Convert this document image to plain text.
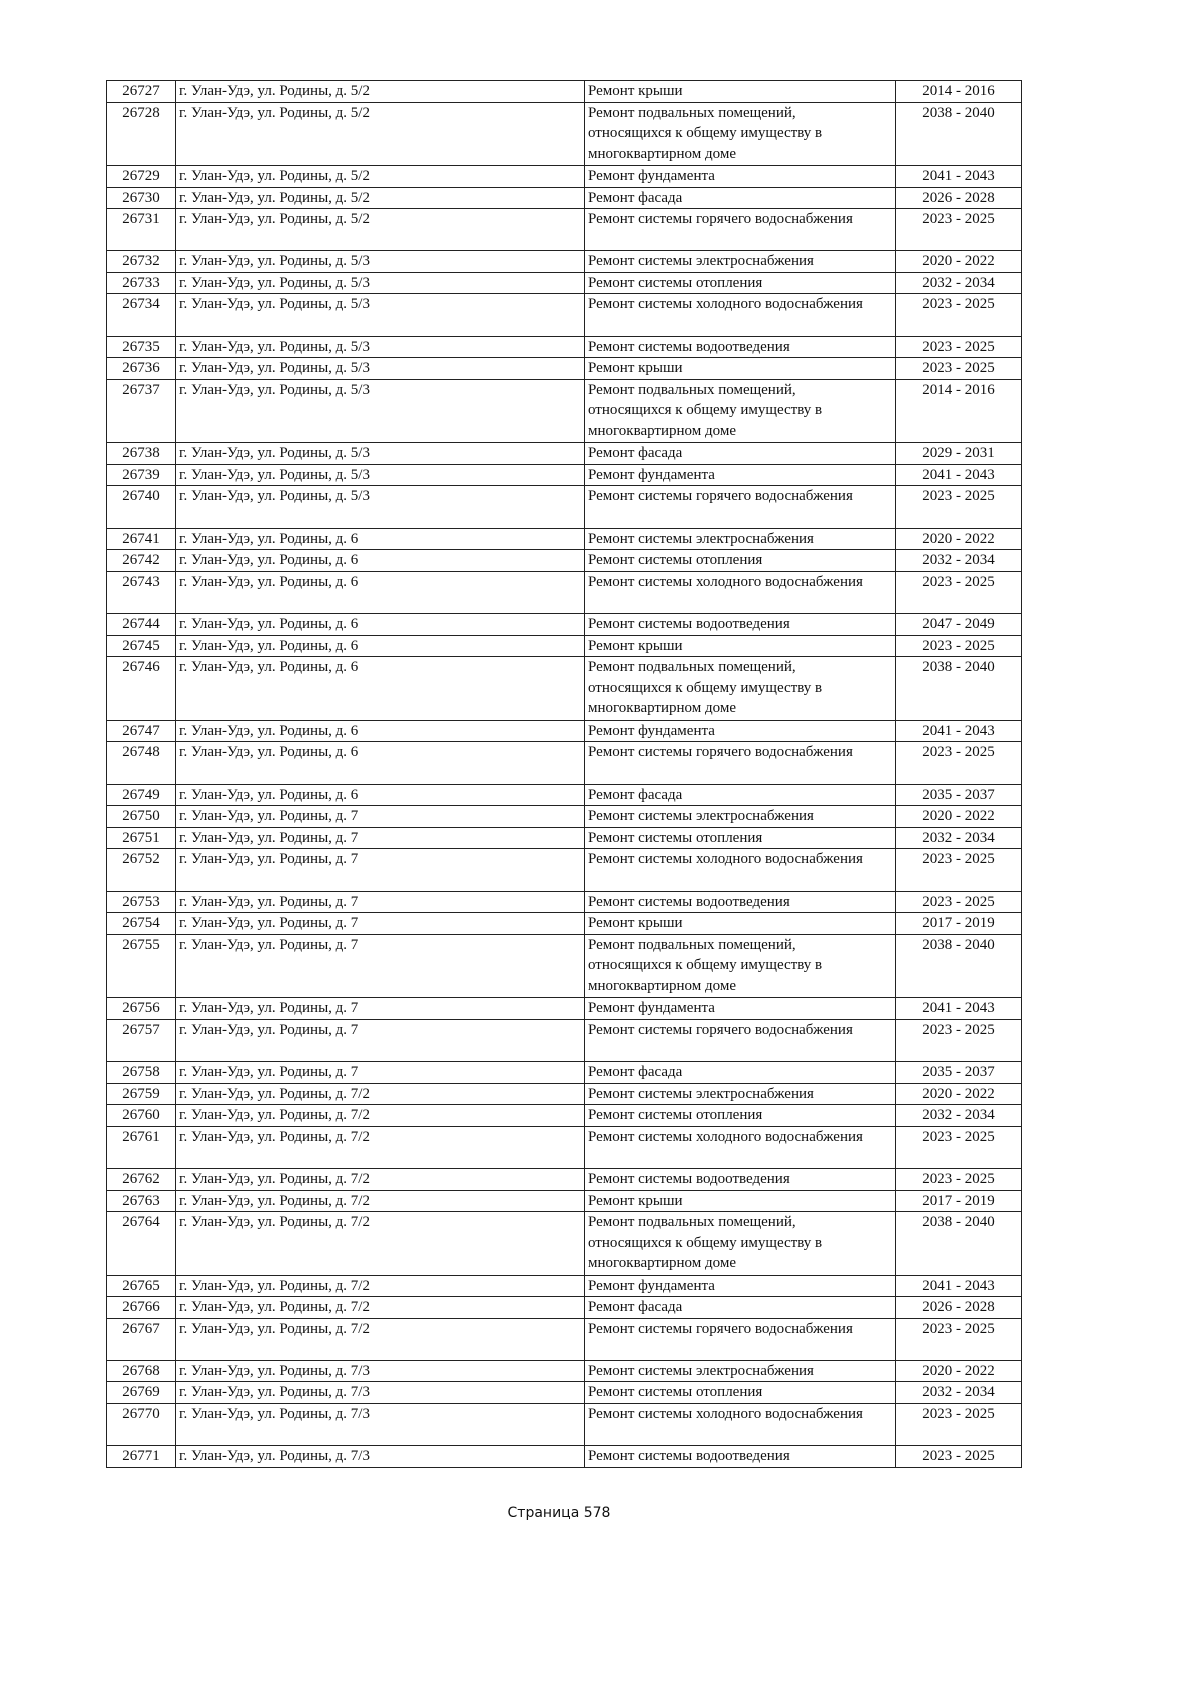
26727	г. Улан-Удэ, ул. Родины, д. 5/2	Ремонт крыши	2014 - 2016
26728	г. Улан-Удэ, ул. Родины, д. 5/2	Ремонт подвальных помещений,
относящихся к общему имуществу в
многоквартирном доме	2038 - 2040
26729	г. Улан-Удэ, ул. Родины, д. 5/2	Ремонт фундамента	2041 - 2043
26730	г. Улан-Удэ, ул. Родины, д. 5/2	Ремонт фасада	2026 - 2028
26731	г. Улан-Удэ, ул. Родины, д. 5/2	Ремонт системы горячего водоснабжения	2023 - 2025
26732	г. Улан-Удэ, ул. Родины, д. 5/3	Ремонт системы электроснабжения	2020 - 2022
26733	г. Улан-Удэ, ул. Родины, д. 5/3	Ремонт системы отопления	2032 - 2034
26734	г. Улан-Удэ, ул. Родины, д. 5/3	Ремонт системы холодного водоснабжения	2023 - 2025
26735	г. Улан-Удэ, ул. Родины, д. 5/3	Ремонт системы водоотведения	2023 - 2025
26736	г. Улан-Удэ, ул. Родины, д. 5/3	Ремонт крыши	2023 - 2025
26737	г. Улан-Удэ, ул. Родины, д. 5/3	Ремонт подвальных помещений,
относящихся к общему имуществу в
многоквартирном доме	2014 - 2016
26738	г. Улан-Удэ, ул. Родины, д. 5/3	Ремонт фасада	2029 - 2031
26739	г. Улан-Удэ, ул. Родины, д. 5/3	Ремонт фундамента	2041 - 2043
26740	г. Улан-Удэ, ул. Родины, д. 5/3	Ремонт системы горячего водоснабжения	2023 - 2025
26741	г. Улан-Удэ, ул. Родины, д. 6	Ремонт системы электроснабжения	2020 - 2022
26742	г. Улан-Удэ, ул. Родины, д. 6	Ремонт системы отопления	2032 - 2034
26743	г. Улан-Удэ, ул. Родины, д. 6	Ремонт системы холодного водоснабжения	2023 - 2025
26744	г. Улан-Удэ, ул. Родины, д. 6	Ремонт системы водоотведения	2047 - 2049
26745	г. Улан-Удэ, ул. Родины, д. 6	Ремонт крыши	2023 - 2025
26746	г. Улан-Удэ, ул. Родины, д. 6	Ремонт подвальных помещений,
относящихся к общему имуществу в
многоквартирном доме	2038 - 2040
26747	г. Улан-Удэ, ул. Родины, д. 6	Ремонт фундамента	2041 - 2043
26748	г. Улан-Удэ, ул. Родины, д. 6	Ремонт системы горячего водоснабжения	2023 - 2025
26749	г. Улан-Удэ, ул. Родины, д. 6	Ремонт фасада	2035 - 2037
26750	г. Улан-Удэ, ул. Родины, д. 7	Ремонт системы электроснабжения	2020 - 2022
26751	г. Улан-Удэ, ул. Родины, д. 7	Ремонт системы отопления	2032 - 2034
26752	г. Улан-Удэ, ул. Родины, д. 7	Ремонт системы холодного водоснабжения	2023 - 2025
26753	г. Улан-Удэ, ул. Родины, д. 7	Ремонт системы водоотведения	2023 - 2025
26754	г. Улан-Удэ, ул. Родины, д. 7	Ремонт крыши	2017 - 2019
26755	г. Улан-Удэ, ул. Родины, д. 7	Ремонт подвальных помещений,
относящихся к общему имуществу в
многоквартирном доме	2038 - 2040
26756	г. Улан-Удэ, ул. Родины, д. 7	Ремонт фундамента	2041 - 2043
26757	г. Улан-Удэ, ул. Родины, д. 7	Ремонт системы горячего водоснабжения	2023 - 2025
26758	г. Улан-Удэ, ул. Родины, д. 7	Ремонт фасада	2035 - 2037
26759	г. Улан-Удэ, ул. Родины, д. 7/2	Ремонт системы электроснабжения	2020 - 2022
26760	г. Улан-Удэ, ул. Родины, д. 7/2	Ремонт системы отопления	2032 - 2034
26761	г. Улан-Удэ, ул. Родины, д. 7/2	Ремонт системы холодного водоснабжения	2023 - 2025
26762	г. Улан-Удэ, ул. Родины, д. 7/2	Ремонт системы водоотведения	2023 - 2025
26763	г. Улан-Удэ, ул. Родины, д. 7/2	Ремонт крыши	2017 - 2019
26764	г. Улан-Удэ, ул. Родины, д. 7/2	Ремонт подвальных помещений,
относящихся к общему имуществу в
многоквартирном доме	2038 - 2040
26765	г. Улан-Удэ, ул. Родины, д. 7/2	Ремонт фундамента	2041 - 2043
26766	г. Улан-Удэ, ул. Родины, д. 7/2	Ремонт фасада	2026 - 2028
26767	г. Улан-Удэ, ул. Родины, д. 7/2	Ремонт системы горячего водоснабжения	2023 - 2025
26768	г. Улан-Удэ, ул. Родины, д. 7/3	Ремонт системы электроснабжения	2020 - 2022
26769	г. Улан-Удэ, ул. Родины, д. 7/3	Ремонт системы отопления	2032 - 2034
26770	г. Улан-Удэ, ул. Родины, д. 7/3	Ремонт системы холодного водоснабжения	2023 - 2025
26771	г. Улан-Удэ, ул. Родины, д. 7/3	Ремонт системы водоотведения	2023 - 2025
Страница 578
